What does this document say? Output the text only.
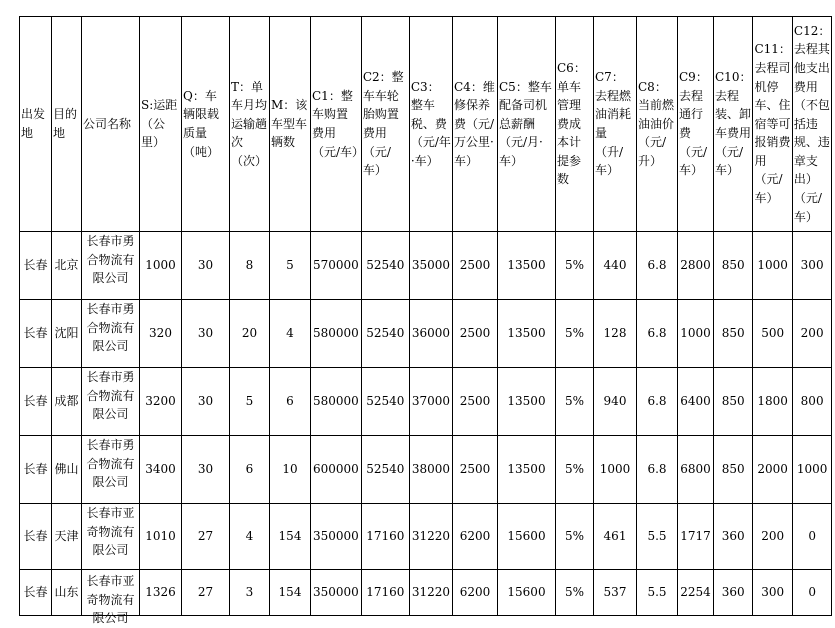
出发地	目的地	公司名称	S:运距（公里）	Q：车辆限载质量（吨）	T：单车月均运输趟次（次）	M：该车型车辆数	C1：整车购置费用（元/车）	C2：整车车轮胎购置费用（元/车）	C3：整车税、费（元/年·车）	C4：维修保养费（元/万公里·车）	C5：整车配备司机总薪酬（元/月·车）	C6：单车管理费成本计提参数	C7：去程燃油消耗量（升/车）	C8：当前燃油油价（元/升）	C9：去程通行费（元/车）	C10：去程装、卸车费用（元/车）	C11：去程司机停车、住宿等可报销费用（元/车）	C12：去程其他支出费用（不包括违规、违章支出）（元/车）
长春	北京	长春市勇合物流有限公司	1000	30	8	5	570000	52540	35000	2500	13500	5%	440	6.8	2800	850	1000	300
长春	沈阳	长春市勇合物流有限公司	320	30	20	4	580000	52540	36000	2500	13500	5%	128	6.8	1000	850	500	200
长春	成都	长春市勇合物流有限公司	3200	30	5	6	580000	52540	37000	2500	13500	5%	940	6.8	6400	850	1800	800
长春	佛山	长春市勇合物流有限公司	3400	30	6	10	600000	52540	38000	2500	13500	5%	1000	6.8	6800	850	2000	1000
长春	天津	长春市亚奇物流有限公司	1010	27	4	154	350000	17160	31220	6200	15600	5%	461	5.5	1717	360	200	0
长春	山东	长春市亚奇物流有限公司	1326	27	3	154	350000	17160	31220	6200	15600	5%	537	5.5	2254	360	300	0
